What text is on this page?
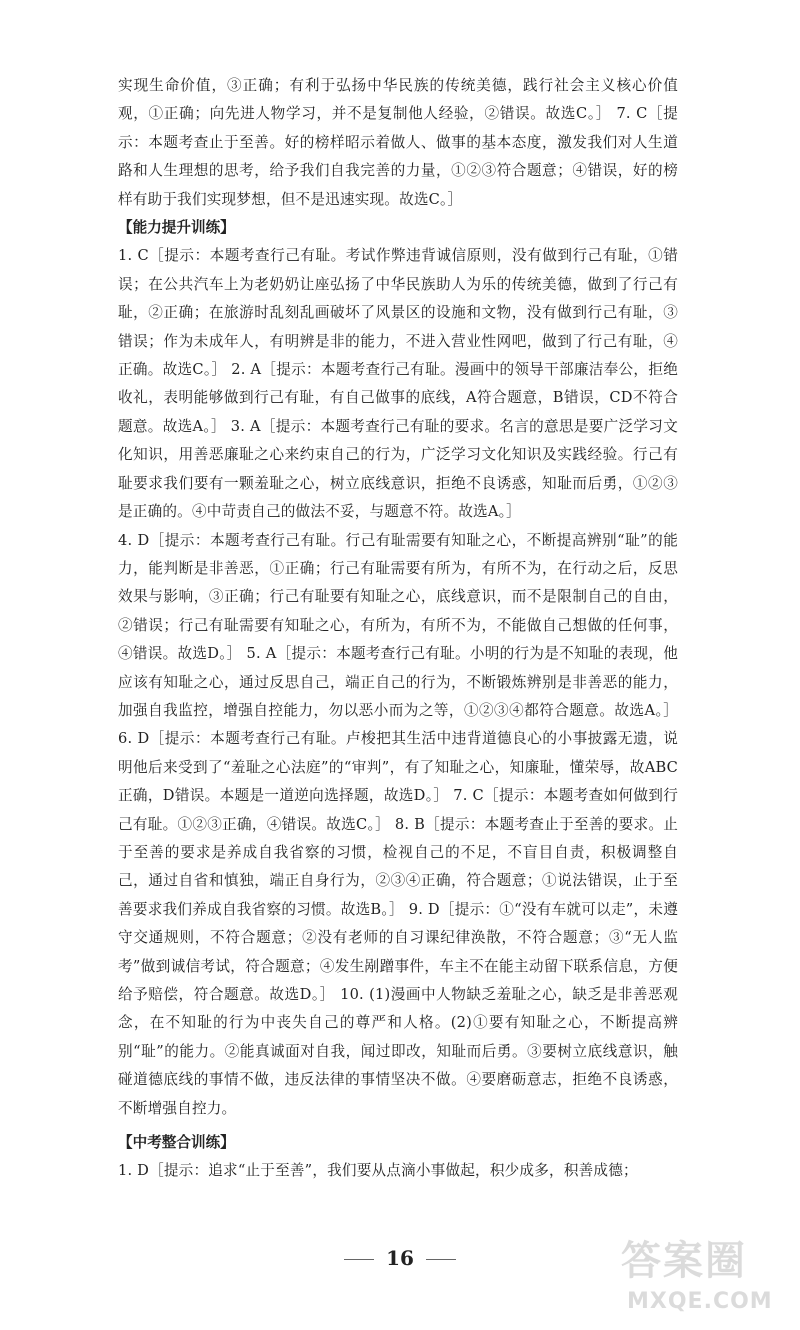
实现生命价值，③正确；有利于弘扬中华民族的传统美德，践行社会主义核心价值观，①正确；向先进人物学习，并不是复制他人经验，②错误。故选C。］ 7. C［提示：本题考查止于至善。好的榜样昭示着做人、做事的基本态度，激发我们对人生道路和人生理想的思考，给予我们自我完善的力量，①②③符合题意；④错误，好的榜样有助于我们实现梦想，但不是迅速实现。故选C。］

【能力提升训练】

1. C［提示：本题考查行己有耻。考试作弊违背诚信原则，没有做到行己有耻，①错误；在公共汽车上为老奶奶让座弘扬了中华民族助人为乐的传统美德，做到了行己有耻，②正确；在旅游时乱刻乱画破坏了风景区的设施和文物，没有做到行己有耻，③错误；作为未成年人，有明辨是非的能力，不进入营业性网吧，做到了行己有耻，④正确。故选C。］ 2. A［提示：本题考查行己有耻。漫画中的领导干部廉洁奉公，拒绝收礼，表明能够做到行己有耻，有自己做事的底线，A符合题意，B错误，CD不符合题意。故选A。］ 3. A［提示：本题考查行己有耻的要求。名言的意思是要广泛学习文化知识，用善恶廉耻之心来约束自己的行为，广泛学习文化知识及实践经验。行己有耻要求我们要有一颗羞耻之心，树立底线意识，拒绝不良诱惑，知耻而后勇，①②③是正确的。④中苛责自己的做法不妥，与题意不符。故选A。］

4. D［提示：本题考查行己有耻。行己有耻需要有知耻之心，不断提高辨别“耻”的能力，能判断是非善恶，①正确；行己有耻需要有所为，有所不为，在行动之后，反思效果与影响，③正确；行己有耻要有知耻之心，底线意识，而不是限制自己的自由，②错误；行己有耻需要有知耻之心，有所为，有所不为，不能做自己想做的任何事，④错误。故选D。］ 5. A［提示：本题考查行己有耻。小明的行为是不知耻的表现，他应该有知耻之心，通过反思自己，端正自己的行为，不断锻炼辨别是非善恶的能力，加强自我监控，增强自控能力，勿以恶小而为之等，①②③④都符合题意。故选A。］ 6. D［提示：本题考查行己有耻。卢梭把其生活中违背道德良心的小事披露无遗，说明他后来受到了“羞耻之心法庭”的“审判”，有了知耻之心，知廉耻，懂荣辱，故ABC正确，D错误。本题是一道逆向选择题，故选D。］ 7. C［提示：本题考查如何做到行己有耻。①②③正确，④错误。故选C。］ 8. B［提示：本题考查止于至善的要求。止于至善的要求是养成自我省察的习惯，检视自己的不足，不盲目自责，积极调整自己，通过自省和慎独，端正自身行为，②③④正确，符合题意；①说法错误，止于至善要求我们养成自我省察的习惯。故选B。］ 9. D［提示：①“没有车就可以走”，未遵守交通规则，不符合题意；②没有老师的自习课纪律涣散，不符合题意；③“无人监考”做到诚信考试，符合题意；④发生剐蹭事件，车主不在能主动留下联系信息，方便给予赔偿，符合题意。故选D。］ 10. (1)漫画中人物缺乏羞耻之心，缺乏是非善恶观念，在不知耻的行为中丧失自己的尊严和人格。(2)①要有知耻之心，不断提高辨别“耻”的能力。②能真诚面对自我，闻过即改，知耻而后勇。③要树立底线意识，触碰道德底线的事情不做，违反法律的事情坚决不做。④要磨砺意志，拒绝不良诱惑，不断增强自控力。

【中考整合训练】

1. D［提示：追求“止于至善”，我们要从点滴小事做起，积少成多，积善成德；

16	答案圈
MXQE.COM
